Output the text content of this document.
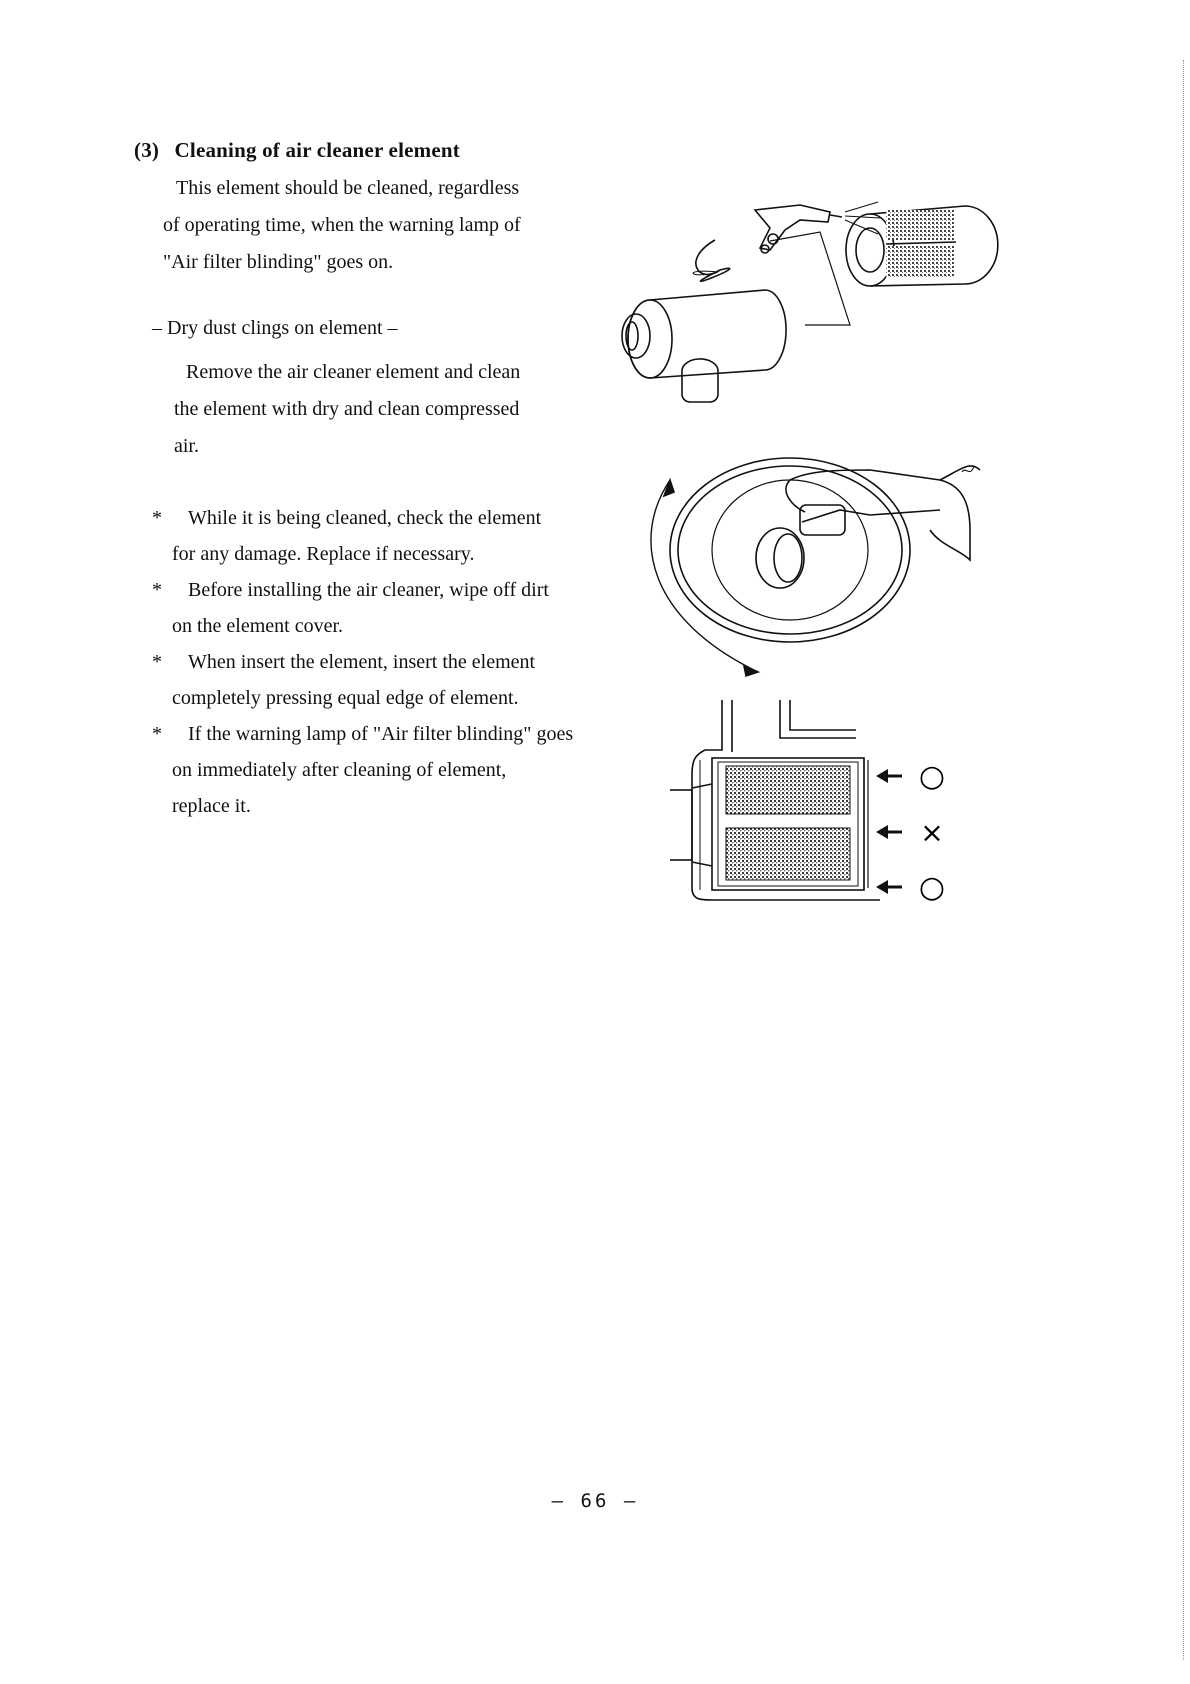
(3) Cleaning of air cleaner element
This element should be cleaned, regardless
of operating time, when the warning lamp of
"Air filter blinding" goes on.
– Dry dust clings on element –
Remove the air cleaner element and clean
the element with dry and clean compressed
air.
*	While it is being cleaned, check the element
for any damage. Replace if necessary.
*	Before installing the air cleaner, wipe off dirt
on the element cover.
*	When insert the element, insert the element
completely pressing equal edge of element.
*	If the warning lamp of "Air filter blinding" goes
on immediately after cleaning of element,
replace it.
○
×
○
– 66 –
